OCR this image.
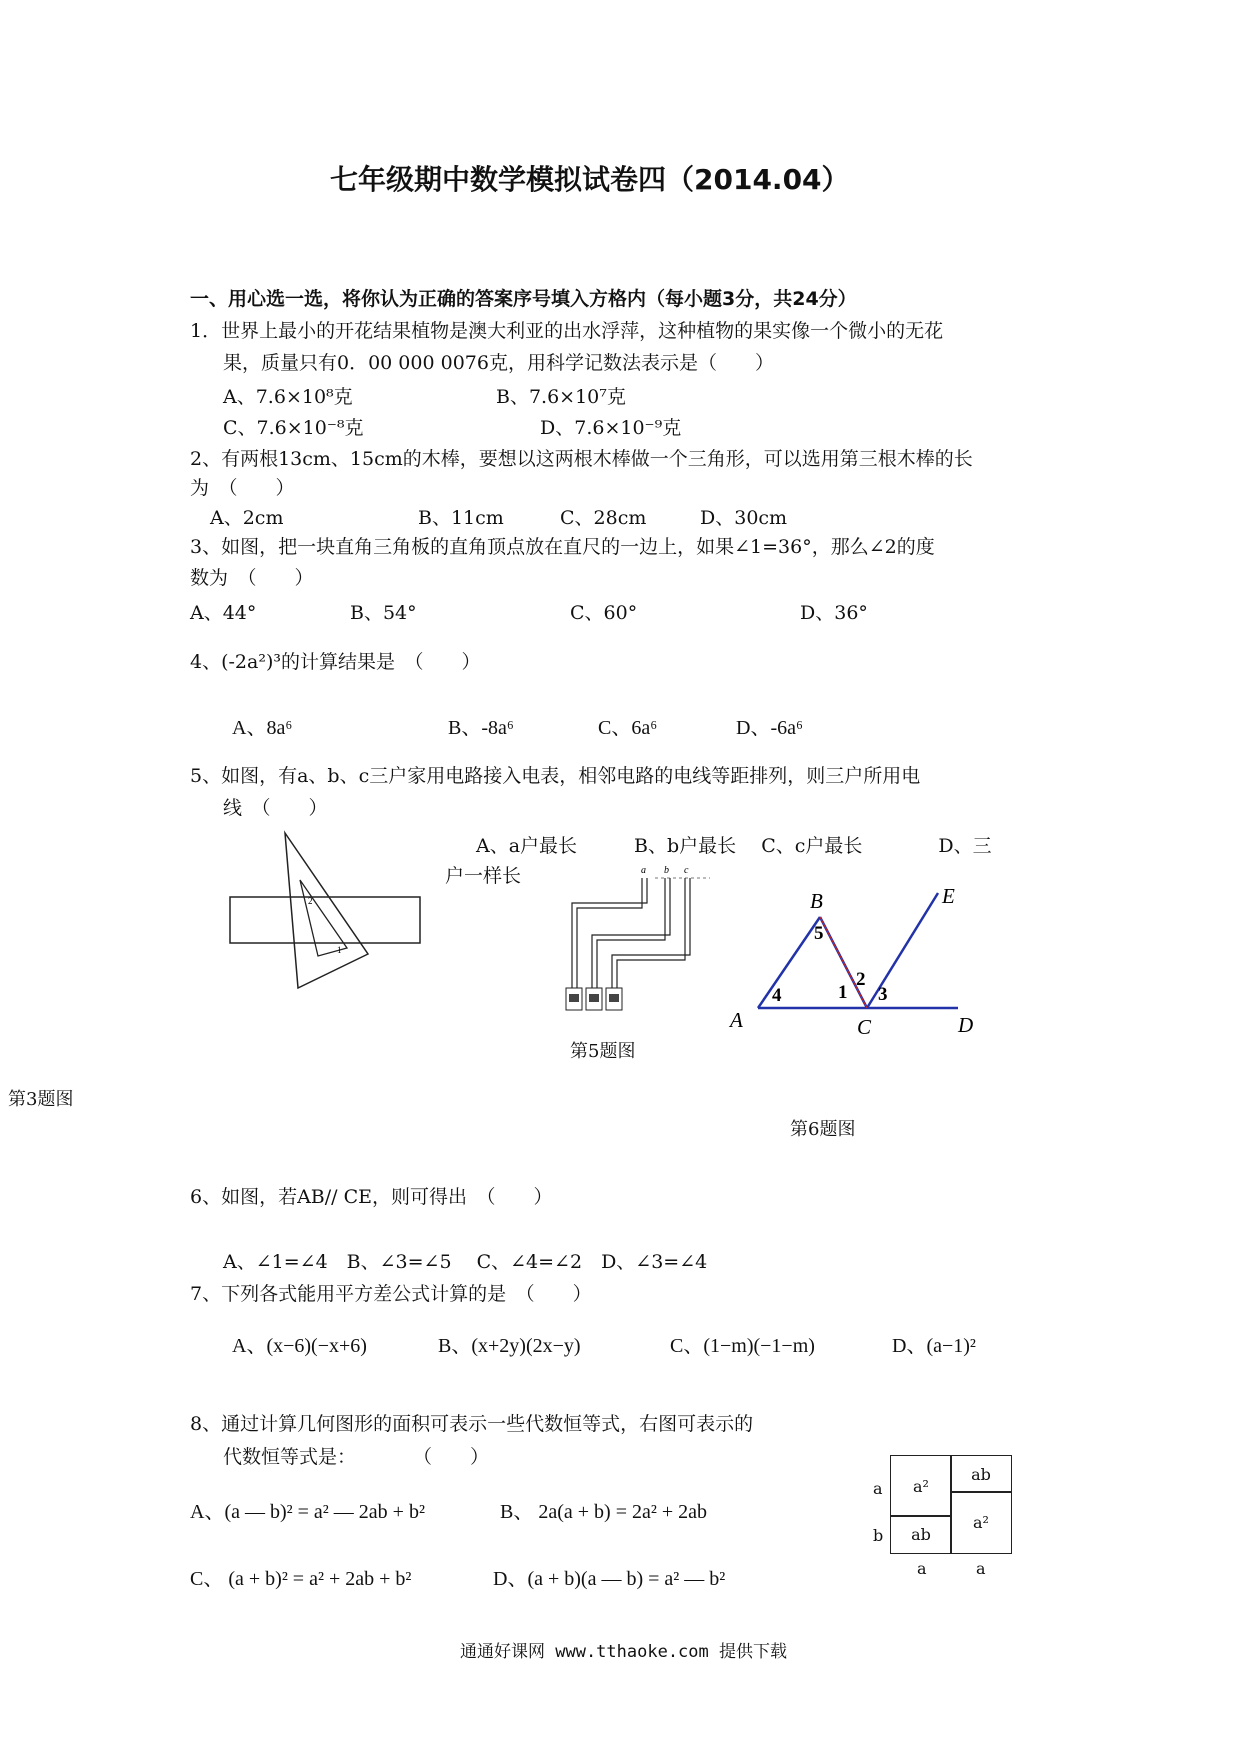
七年级期中数学模拟试卷四（2014.04）
一、用心选一选，将你认为正确的答案序号填入方格内（每小题3分，共24分）
1．世界上最小的开花结果植物是澳大利亚的出水浮萍，这种植物的果实像一个微小的无花
果，质量只有0．00 000 0076克，用科学记数法表示是（　　）
A、7.6×10⁸克	B、7.6×10⁷克
C、7.6×10⁻⁸克	D、7.6×10⁻⁹克
2、有两根13cm、15cm的木棒，要想以这两根木棒做一个三角形，可以选用第三根木棒的长
为　（　　）
A、2cm	B、11cm	C、28cm	D、30cm
3、如图，把一块直角三角板的直角顶点放在直尺的一边上，如果∠1=36°，那么∠2的度
数为　（　　）
A、44°	B、54°	C、60°	D、36°
4、(-2a²)³的计算结果是　（　　）
A、8a⁶	B、-8a⁶	C、6a⁶	D、-6a⁶
5、如图，有a、b、c三户家用电路接入电表，相邻电路的电线等距排列，则三户所用电
线　（　　）
A、a户最长　　　B、b户最长　 C、c户最长　　　　D、三
户一样长
2
1
第3题图
a b c
第5题图
A
B
C	D
E
1
2
3
4
5
第6题图
6、如图，若AB// CE，则可得出　（　　）
A、∠1=∠4　B、∠3=∠5　 C、∠4=∠2　D、∠3=∠4
7、下列各式能用平方差公式计算的是　（　　）
A、(x−6)(−x+6)	B、(x+2y)(2x−y)	C、(1−m)(−1−m)	D、(a−1)²
8、通过计算几何图形的面积可表示一些代数恒等式，右图可表示的
代数恒等式是：　　　　（　　）
A、(a — b)² = a² — 2ab + b²	B、 2a(a + b) = 2a² + 2ab
C、 (a + b)² = a² + 2ab + b²	D、(a + b)(a — b) = a² — b²
a²
ab
ab
a²
a
b
a	a
通通好课网 www.tthaoke.com 提供下载
